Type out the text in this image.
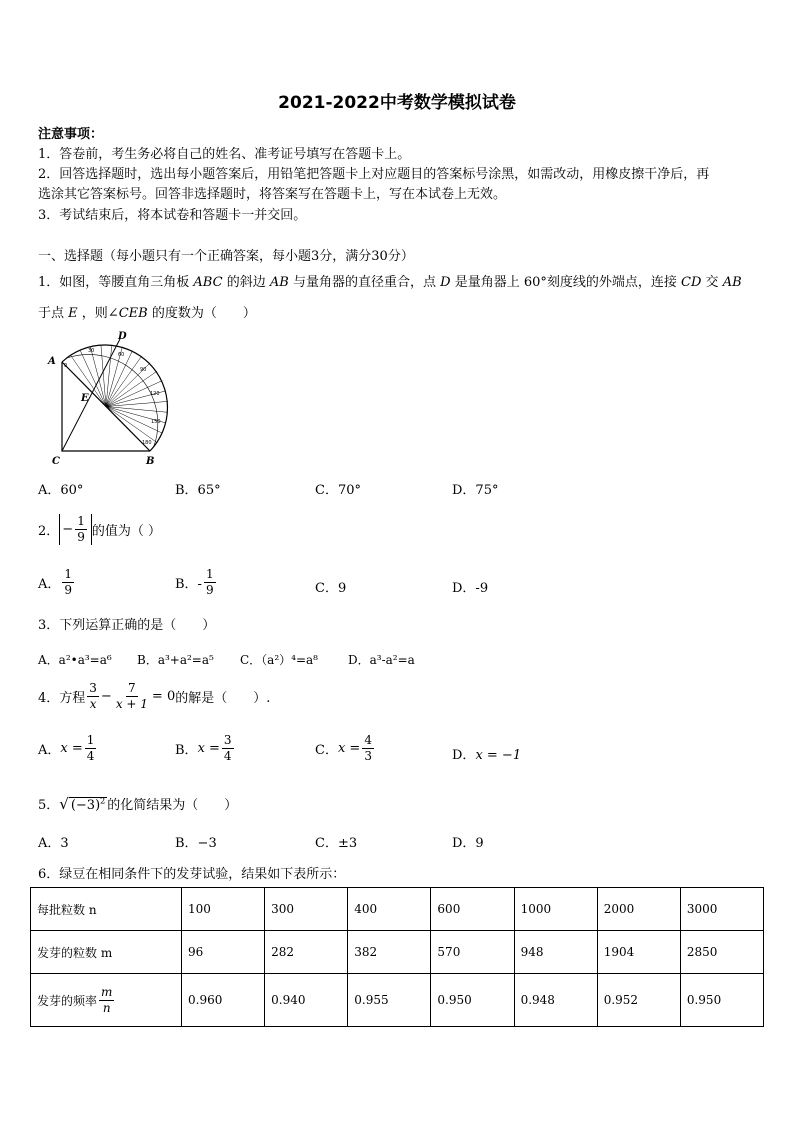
2021-2022中考数学模拟试卷
注意事项：
1．答卷前，考生务必将自己的姓名、准考证号填写在答题卡上。
2．回答选择题时，选出每小题答案后，用铅笔把答题卡上对应题目的答案标号涂黑，如需改动，用橡皮擦干净后，再
选涂其它答案标号。回答非选择题时，将答案写在答题卡上，写在本试卷上无效。
3．考试结束后，将本试卷和答题卡一并交回。
一、选择题（每小题只有一个正确答案，每小题3分，满分30分）
1．如图，等腰直角三角板 ABC 的斜边 AB 与量角器的直径重合，点 D 是量角器上 60°刻度线的外端点，连接 CD 交 AB
于点 E ，则∠CEB 的度数为（　　）
0
30
60
90
120
150
180
A
C	B
D
E
A．60°	B．65°	C．70°	D．75°
2． − $\frac{1}{9}$ 的值为（ ）
A． $\frac{1}{9}$	B．- $\frac{1}{9}$	C．9	D．-9
3．下列运算正确的是（　　）
A．a²•a³=a⁶ B．a³+a²=a⁵ C．（a²）⁴=a⁸	D．a³-a²=a
4．方程 $\frac{3}{x} - \frac{7}{x + 1} = 0$的解是（　　）.
A．$x = \frac{1}{4}$	B．$x = \frac{3}{4}$	C．$x = \frac{4}{3}$	D．x = −1
5．√ $(-3)^2$ 的化简结果为（　　）
A．3	B．−3	C．±3	D．9
6．绿豆在相同条件下的发芽试验，结果如下表所示：
每批粒数 n	100	300	400	600	1000	2000	3000
发芽的粒数 m	96	282	382	570	948	1904	2850
发芽的频率 $\frac{m}{n}$	0.960	0.940	0.955	0.950	0.948	0.952	0.950
